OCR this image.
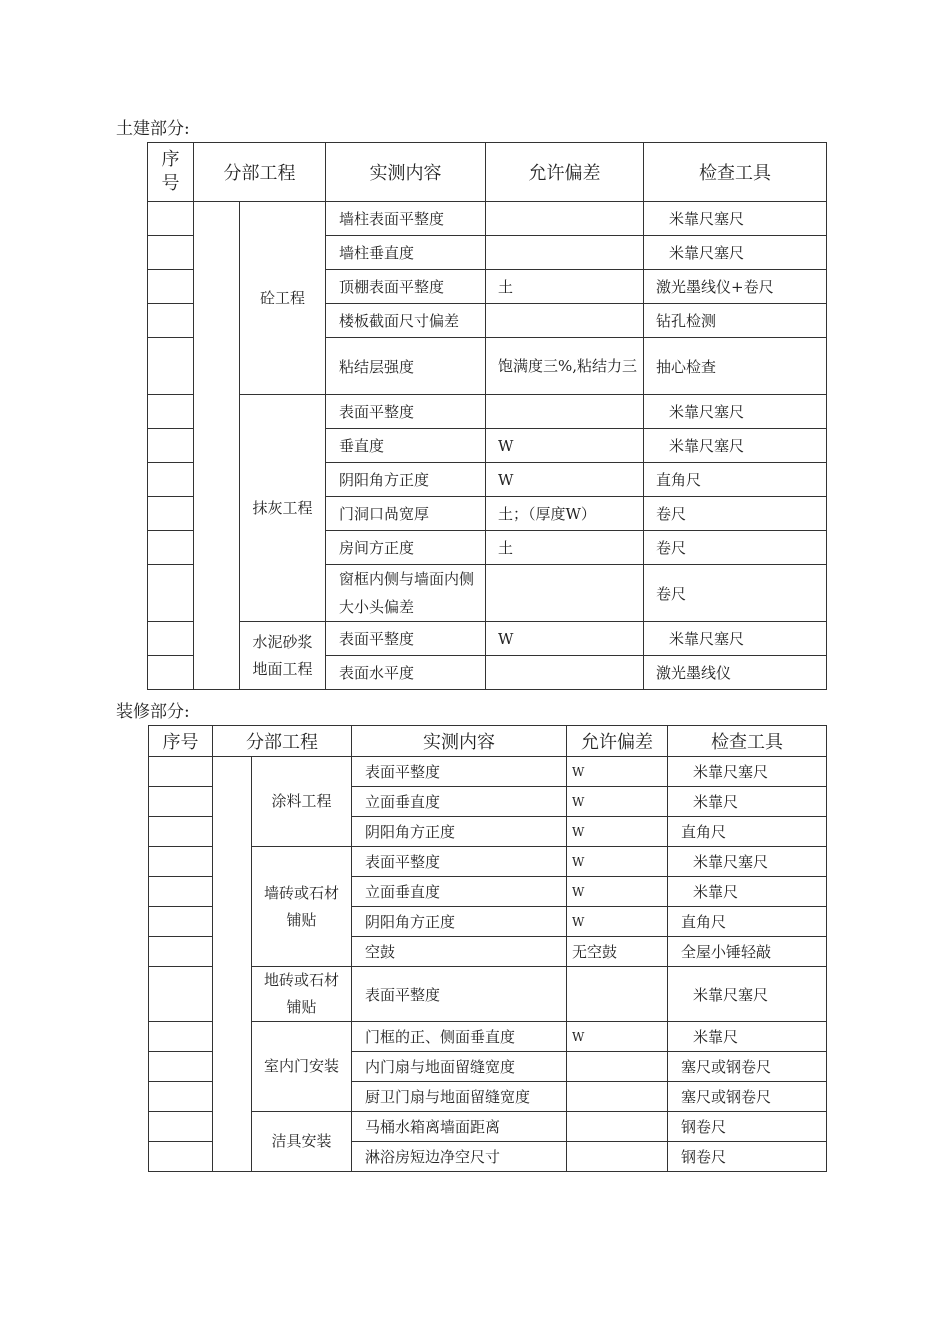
土建部分:
序
号	分部工程		实测内容	允许偏差	检查工具
		砼工程	墙柱表面平整度		米靠尺塞尺
			墙柱垂直度		米靠尺塞尺
			顶棚表面平整度	土	激光墨线仪+卷尺
			楼板截面尺寸偏差		钻孔检测
			粘结层强度	饱满度三%,粘结力三	抽心检查
		抹灰工程	表面平整度		米靠尺塞尺
			垂直度	W	米靠尺塞尺
			阴阳角方正度	W	直角尺
			门洞口咼宽厚	土；（厚度W）	卷尺
			房间方正度	土	卷尺
			窗框内侧与墙面内侧大小头偏差		卷尺
		水泥砂浆地面工程	表面平整度	W	米靠尺塞尺
			表面水平度		激光墨线仪
装修部分:
序号	分部工程		实测内容	允许偏差	检查工具
		涂料工程	表面平整度	W	米靠尺塞尺
			立面垂直度	W	米靠尺
			阴阳角方正度	W	直角尺
		墙砖或石材铺贴	表面平整度	W	米靠尺塞尺
			立面垂直度	W	米靠尺
			阴阳角方正度	W	直角尺
			空鼓	无空鼓	全屋小锤轻敲
		地砖或石材铺贴	表面平整度		米靠尺塞尺
		室内门安装	门框的正、侧面垂直度	W	米靠尺
			内门扇与地面留缝宽度		塞尺或钢卷尺
			厨卫门扇与地面留缝宽度		塞尺或钢卷尺
		洁具安装	马桶水箱离墙面距离		钢卷尺
			淋浴房短边净空尺寸		钢卷尺
